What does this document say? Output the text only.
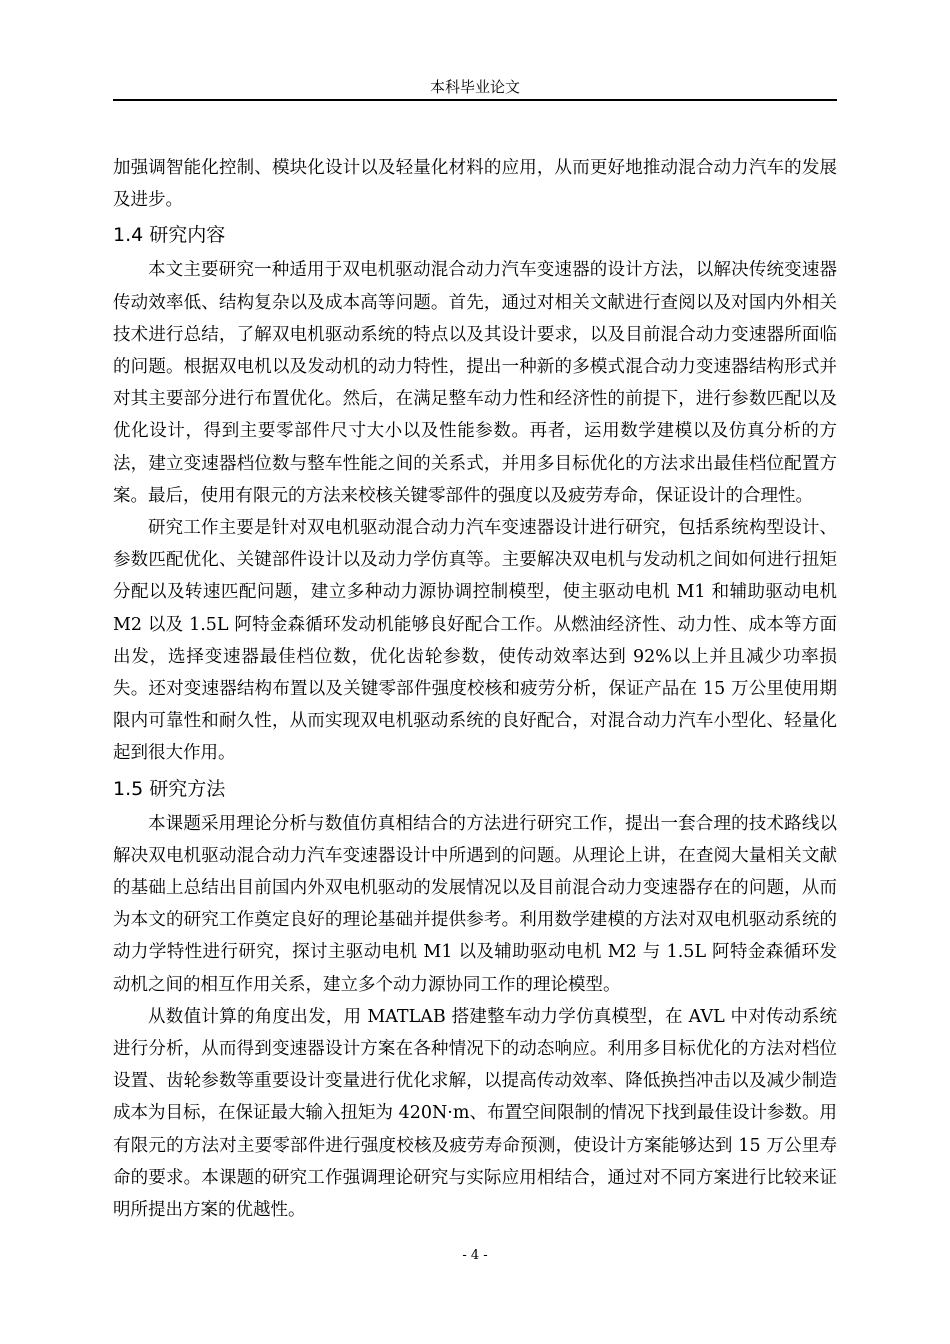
本科毕业论文

加强调智能化控制、模块化设计以及轻量化材料的应用，从而更好地推动混合动力汽车的发展及进步。

1.4 研究内容

本文主要研究一种适用于双电机驱动混合动力汽车变速器的设计方法，以解决传统变速器传动效率低、结构复杂以及成本高等问题。首先，通过对相关文献进行查阅以及对国内外相关技术进行总结，了解双电机驱动系统的特点以及其设计要求，以及目前混合动力变速器所面临的问题。根据双电机以及发动机的动力特性，提出一种新的多模式混合动力变速器结构形式并对其主要部分进行布置优化。然后，在满足整车动力性和经济性的前提下，进行参数匹配以及优化设计，得到主要零部件尺寸大小以及性能参数。再者，运用数学建模以及仿真分析的方法，建立变速器档位数与整车性能之间的关系式，并用多目标优化的方法求出最佳档位配置方案。最后，使用有限元的方法来校核关键零部件的强度以及疲劳寿命，保证设计的合理性。

研究工作主要是针对双电机驱动混合动力汽车变速器设计进行研究，包括系统构型设计、参数匹配优化、关键部件设计以及动力学仿真等。主要解决双电机与发动机之间如何进行扭矩分配以及转速匹配问题，建立多种动力源协调控制模型，使主驱动电机 M1 和辅助驱动电机 M2 以及 1.5L 阿特金森循环发动机能够良好配合工作。从燃油经济性、动力性、成本等方面出发，选择变速器最佳档位数，优化齿轮参数，使传动效率达到 92%以上并且减少功率损失。还对变速器结构布置以及关键零部件强度校核和疲劳分析，保证产品在 15 万公里使用期限内可靠性和耐久性，从而实现双电机驱动系统的良好配合，对混合动力汽车小型化、轻量化起到很大作用。

1.5 研究方法

本课题采用理论分析与数值仿真相结合的方法进行研究工作，提出一套合理的技术路线以解决双电机驱动混合动力汽车变速器设计中所遇到的问题。从理论上讲，在查阅大量相关文献的基础上总结出目前国内外双电机驱动的发展情况以及目前混合动力变速器存在的问题，从而为本文的研究工作奠定良好的理论基础并提供参考。利用数学建模的方法对双电机驱动系统的动力学特性进行研究，探讨主驱动电机 M1 以及辅助驱动电机 M2 与 1.5L 阿特金森循环发动机之间的相互作用关系，建立多个动力源协同工作的理论模型。

从数值计算的角度出发，用 MATLAB 搭建整车动力学仿真模型，在 AVL 中对传动系统进行分析，从而得到变速器设计方案在各种情况下的动态响应。利用多目标优化的方法对档位设置、齿轮参数等重要设计变量进行优化求解，以提高传动效率、降低换挡冲击以及减少制造成本为目标，在保证最大输入扭矩为 420N·m、布置空间限制的情况下找到最佳设计参数。用有限元的方法对主要零部件进行强度校核及疲劳寿命预测，使设计方案能够达到 15 万公里寿命的要求。本课题的研究工作强调理论研究与实际应用相结合，通过对不同方案进行比较来证明所提出方案的优越性。

- 4 -
